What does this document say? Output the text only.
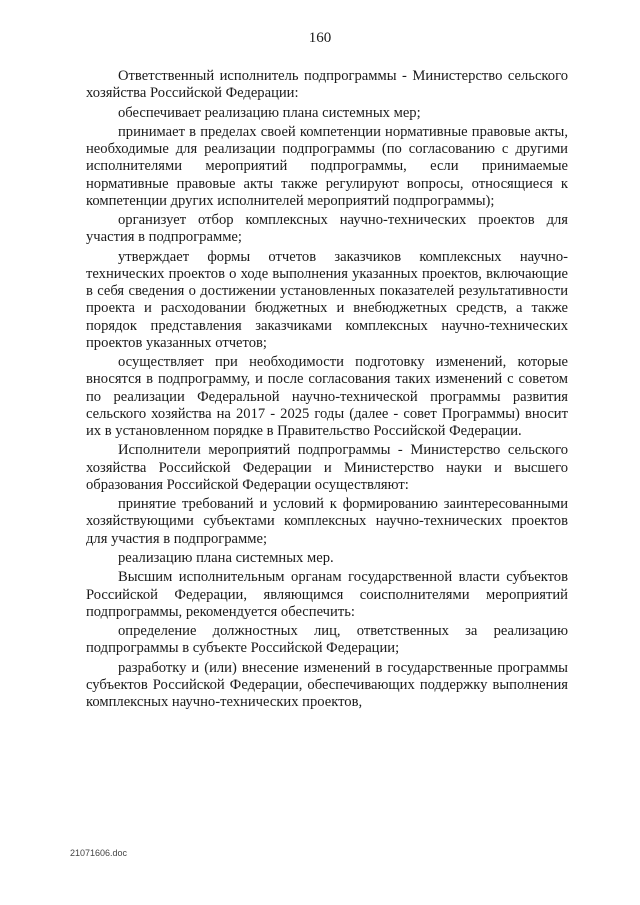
160

Ответственный исполнитель подпрограммы - Министерство сельского хозяйства Российской Федерации:

обеспечивает реализацию плана системных мер;

принимает в пределах своей компетенции нормативные правовые акты, необходимые для реализации подпрограммы (по согласованию с другими исполнителями мероприятий подпрограммы, если принимаемые нормативные правовые акты также регулируют вопросы, относящиеся к компетенции других исполнителей мероприятий подпрограммы);

организует отбор комплексных научно-технических проектов для участия в подпрограмме;

утверждает формы отчетов заказчиков комплексных научно-технических проектов о ходе выполнения указанных проектов, включающие в себя сведения о достижении установленных показателей результативности проекта и расходовании бюджетных и внебюджетных средств, а также порядок представления заказчиками комплексных научно-технических проектов указанных отчетов;

осуществляет при необходимости подготовку изменений, которые вносятся в подпрограмму, и после согласования таких изменений с советом по реализации Федеральной научно-технической программы развития сельского хозяйства на 2017 - 2025 годы (далее - совет Программы) вносит их в установленном порядке в Правительство Российской Федерации.

Исполнители мероприятий подпрограммы - Министерство сельского хозяйства Российской Федерации и Министерство науки и высшего образования Российской Федерации осуществляют:

принятие требований и условий к формированию заинтересованными хозяйствующими субъектами комплексных научно-технических проектов для участия в подпрограмме;

реализацию плана системных мер.

Высшим исполнительным органам государственной власти субъектов Российской Федерации, являющимся соисполнителями мероприятий подпрограммы, рекомендуется обеспечить:

определение должностных лиц, ответственных за реализацию подпрограммы в субъекте Российской Федерации;

разработку и (или) внесение изменений в государственные программы субъектов Российской Федерации, обеспечивающих поддержку выполнения комплексных научно-технических проектов,

21071606.doc
